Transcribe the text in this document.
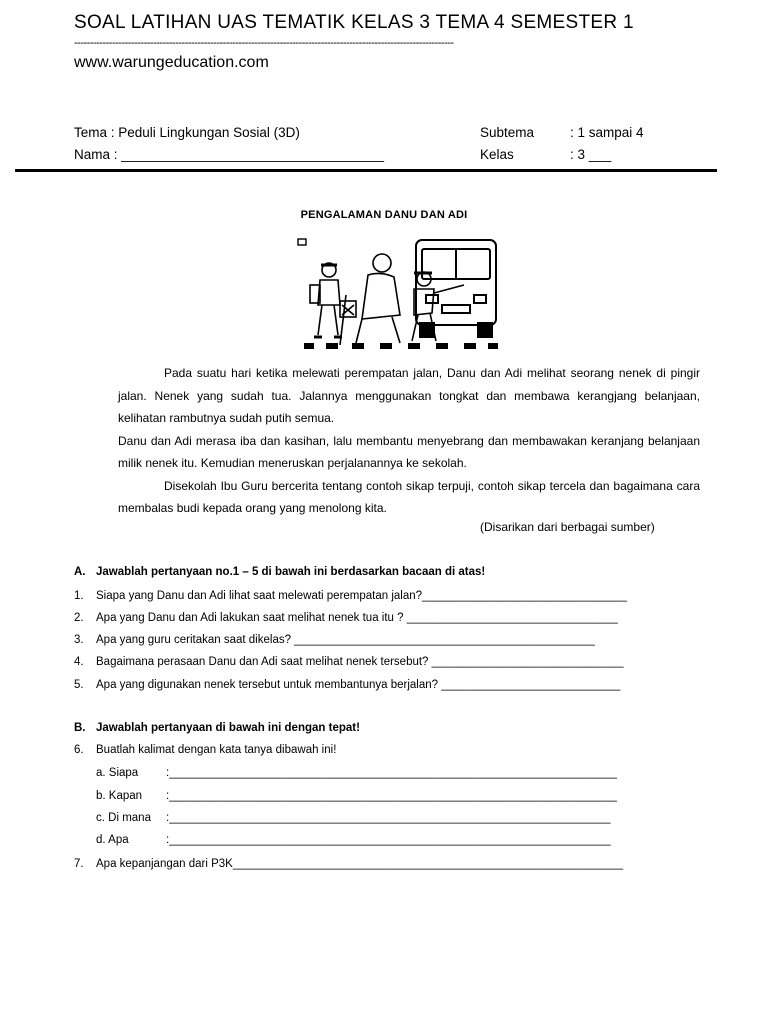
SOAL LATIHAN UAS TEMATIK KELAS 3 TEMA 4 SEMESTER 1
------------------------------------------------------------------------------------------------------------------------
www.warungeducation.com
Tema : Peduli Lingkungan Sosial (3D)
Nama : ___________________________________
Subtema	: 1 sampai 4
Kelas	: 3 ___
PENGALAMAN DANU DAN ADI

Pada suatu hari ketika melewati perempatan jalan, Danu dan Adi melihat seorang nenek di pingir jalan. Nenek yang sudah tua. Jalannya menggunakan tongkat dan membawa kerangjang belanjaan, kelihatan rambutnya sudah putih semua.

Danu dan Adi merasa iba dan kasihan, lalu membantu menyebrang dan membawakan keranjang belanjaan milik nenek itu. Kemudian meneruskan perjalanannya ke sekolah.

Disekolah Ibu Guru bercerita tentang contoh sikap terpuji, contoh sikap tercela dan bagaimana cara membalas budi kepada orang yang menolong kita.

(Disarikan dari berbagai sumber)
A. Jawablah pertanyaan no.1 – 5 di bawah ini berdasarkan bacaan di atas!
1. Siapa yang Danu dan Adi lihat saat melewati perempatan jalan?________________________________
2. Apa yang Danu dan Adi lakukan saat melihat nenek tua itu ? _________________________________
3. Apa yang guru ceritakan saat dikelas? _______________________________________________
4. Bagaimana perasaan Danu dan Adi saat melihat nenek tersebut? ______________________________
5. Apa yang digunakan nenek tersebut untuk membantunya berjalan? ____________________________
B. Jawablah pertanyaan di bawah ini dengan tepat!
6. Buatlah kalimat dengan kata tanya dibawah ini!
a. Siapa :______________________________________________________________________
b. Kapan :______________________________________________________________________
c. Di mana :_____________________________________________________________________
d. Apa	:_____________________________________________________________________
7. Apa kepanjangan dari P3K_____________________________________________________________
